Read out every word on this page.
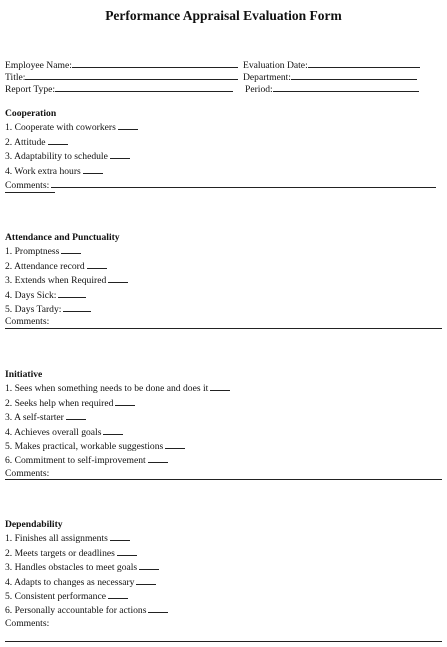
Performance Appraisal Evaluation Form
Employee Name:	Evaluation Date:
Title:	Department:
Report Type:	Period:
Cooperation
1. Cooperate with coworkers
2. Attitude
3. Adaptability to schedule
4. Work extra hours
Comments:
Attendance and Punctuality
1. Promptness
2. Attendance record
3. Extends when Required
4. Days Sick:
5. Days Tardy:
Comments:
Initiative
1. Sees when something needs to be done and does it
2. Seeks help when required
3. A self-starter
4. Achieves overall goals
5. Makes practical, workable suggestions
6. Commitment to self-improvement
Comments:
Dependability
1. Finishes all assignments
2. Meets targets or deadlines
3. Handles obstacles to meet goals
4. Adapts to changes as necessary
5. Consistent performance
6. Personally accountable for actions
Comments:
